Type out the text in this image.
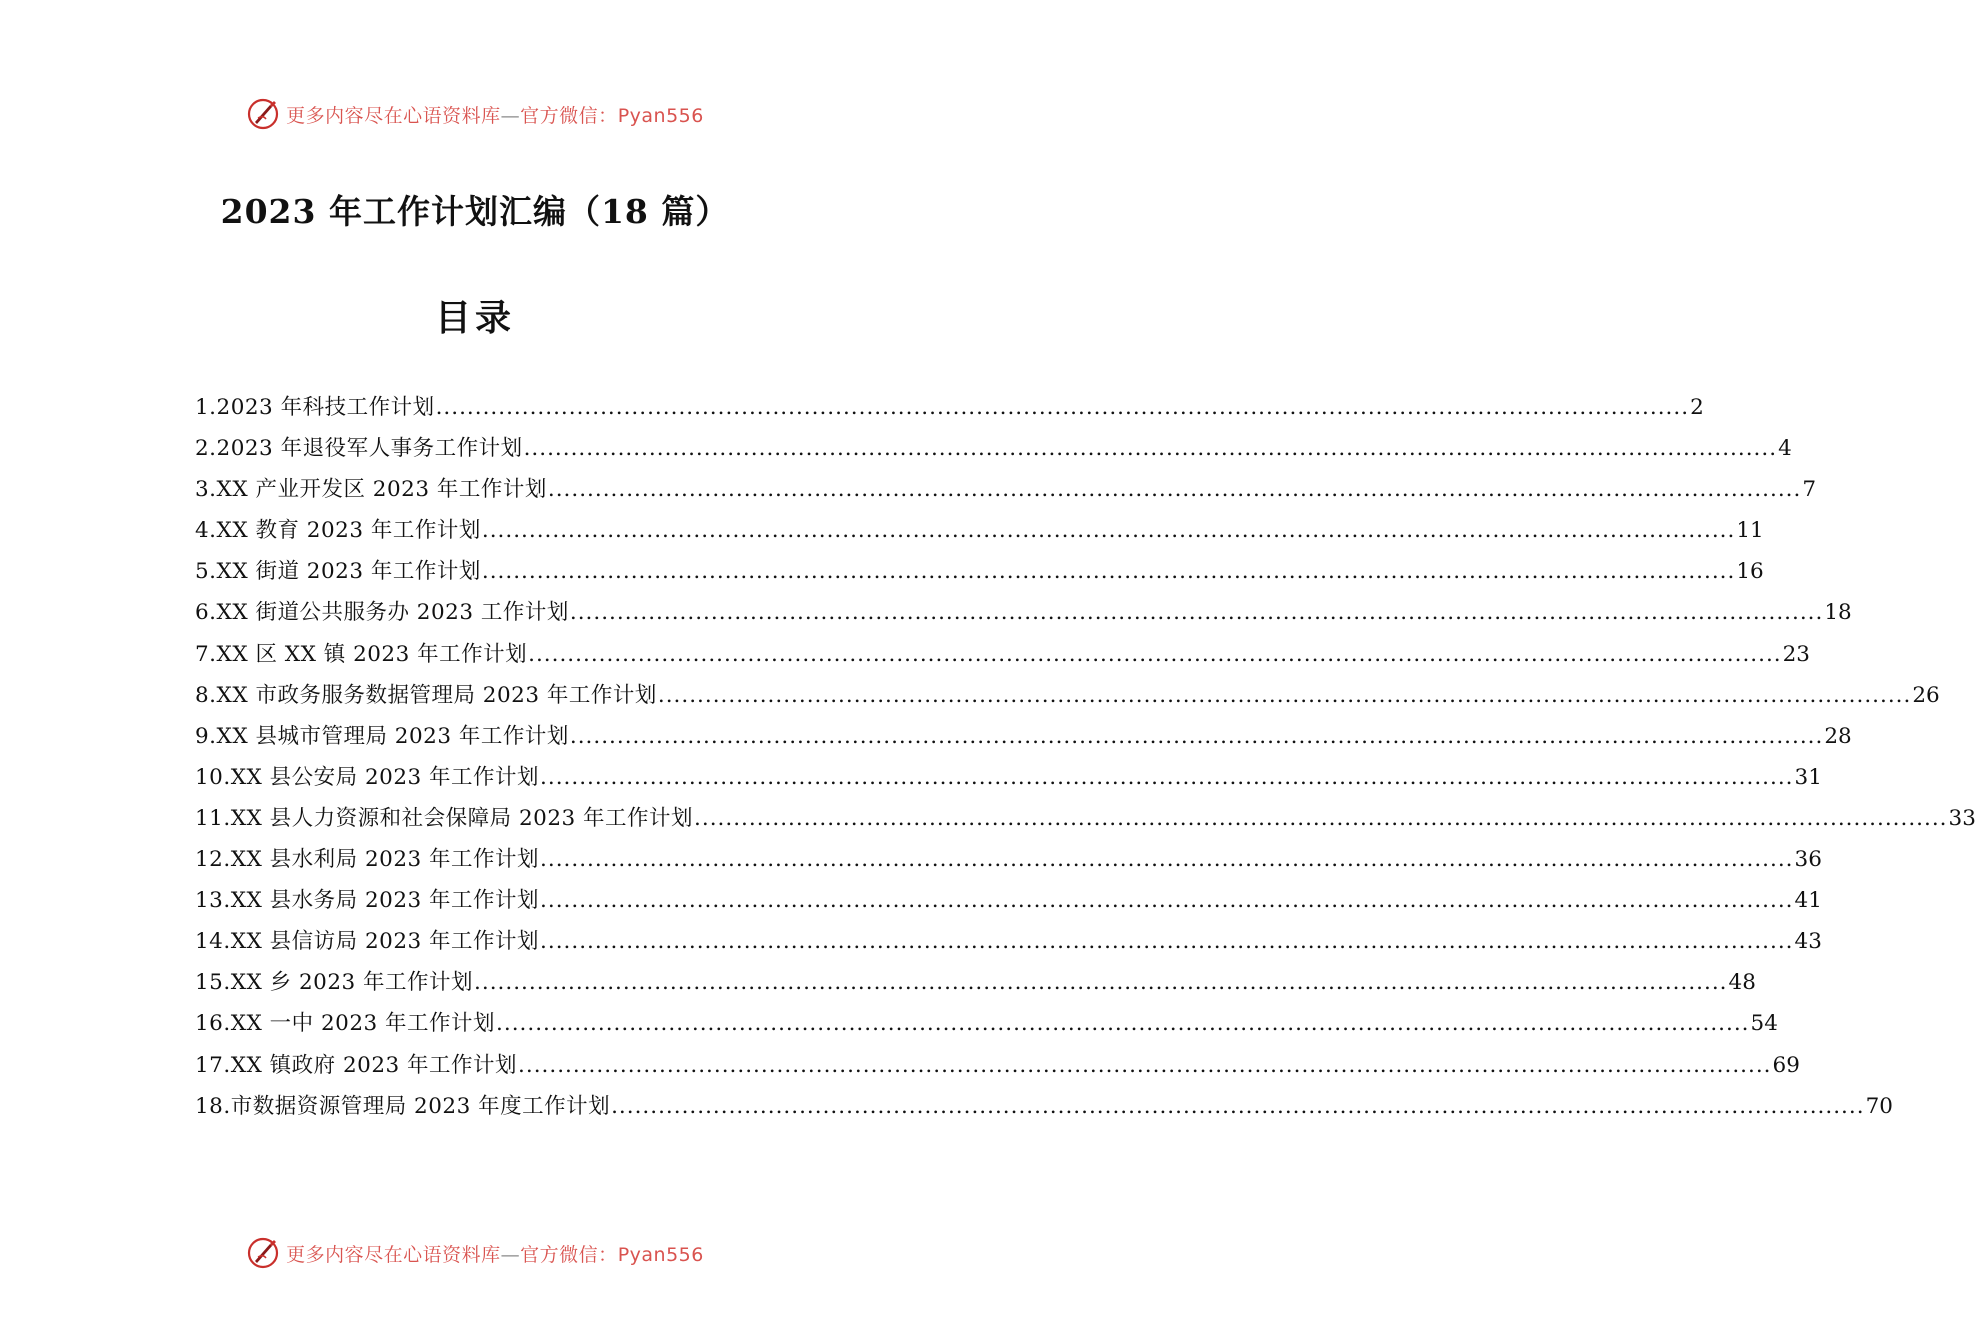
更多内容尽在心语资料库—官方微信：Pyan556
2023 年工作计划汇编（18 篇）
目录
1.2023 年科技工作计划 .....	2
2.2023 年退役军人事务工作计划 .....	4
3.XX 产业开发区 2023 年工作计划 .....	7
4.XX 教育 2023 年工作计划 .....	11
5.XX 街道 2023 年工作计划 .....	16
6.XX 街道公共服务办 2023 工作计划 .....	18
7.XX 区 XX 镇 2023 年工作计划 .....	23
8.XX 市政务服务数据管理局 2023 年工作计划 .....	26
9.XX 县城市管理局 2023 年工作计划 .....	28
10.XX 县公安局 2023 年工作计划 .....	31
11.XX 县人力资源和社会保障局 2023 年工作计划 .....	33
12.XX 县水利局 2023 年工作计划 .....	36
13.XX 县水务局 2023 年工作计划 .....	41
14.XX 县信访局 2023 年工作计划 .....	43
15.XX 乡 2023 年工作计划 .....	48
16.XX 一中 2023 年工作计划 .....	54
17.XX 镇政府 2023 年工作计划 .....	69
18.市数据资源管理局 2023 年度工作计划 .....	70
更多内容尽在心语资料库—官方微信：Pyan556
